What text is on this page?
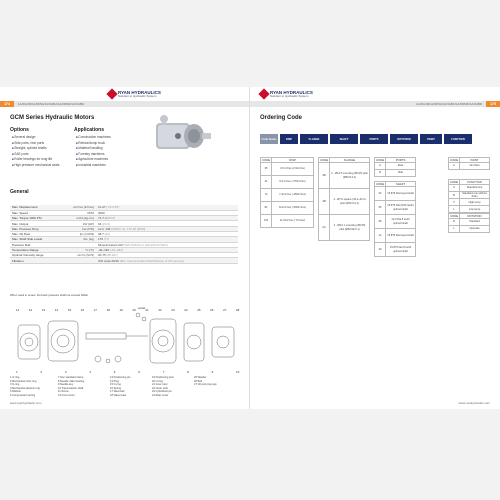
RYAN HYDRAULICS
Solution to Hydraulic System
174	1A/4GCM/1A/3F5A/1A/3ABU/1A/3DMD/1A/3ABD
GCM Series Hydraulic Motors
Options
■ Several design
■ Side ports, rear ports
■ Straight, splined shafts
■ SAE ports
■ Roller bearings for long life
■ High pressure mechanical seals
Applications
■ Construction machines
■ Refuse/dump truck
■ Material handling
■ Forestry machines
■ Agriculture machines
■ Industrial machines
General
Max. Displacement	cm³/rev [in³/rev]	11-47 [.70-2.87]
Max. Speed	RPM	3000
Max. Torque 1000 PSI	in-lbs [kg-cm]	71-7.4 [83-5]
Max. Output	kW [HP]	64 [20.3]
Max. Pressure Drop	bar [PSI]	cont. 138 [2000] / int. 172.36 [2500]
Max. Oil Flow	lpm [GPM]	38.7 [10]
Max. Shaft Side Loads	lbs. [kg]	170 [77]
Pressure fluid		Mineral based HLP (DIN 51524) or HM (ISO 6743/4)
Temperature Range	°C [°F]	-40~140 [-40~284]
Optimal Viscosity range	mm²/s [SUS]	20-75 [98-347]
Filtration		ISO code 20/16 (Min. recommended fluid filtration of 25 microns)
When used in series, the back pressure shall not exceed 40bar
11	12	13	14	15	16	17	18	19	20	21	22	23	24	25	26	27	28
1	2	3	4	5	6	7	8	9	10
outlet
1 O-ring
2 Mechanical rotor ring
3 O-ring
4 Mechanical plasmic ring
5 Washer
6 Compression spring
7 Non standard clamp
8 Needle roller bearing
9 Needle key
10 Transmission shaft
11 Screw
12 Front cover
13 Positioning pin
14 Plug
15 O-ring
16 Spring
17 Steel ball
18 Valve base
19 Positioning pins
20 O-ring
21 Inner rotor
22 Outer rotor
23 Cylindrical pin
24 Rear cover
25 Washer
26 Bolt
27 Oil port plug cap
www.ryanhydraulic.com
RYAN HYDRAULICS
Solution to Hydraulic System
1A/4GCM/1A/3F5A/1A/3ABU/1A/3DMD/1A/3ABD	175
Ordering Code
Code Series	DISP	FLANGE	SHAFT	PORTS	ROTATION	PAINT	FUNCTION
CODE	DISP
35	3.5 in³/rev (2.9in³/rev)
41	6.0 in³/rev (.373in³/rev)
74	7.4cm³/rev (.456in³/rev)
82	8.2cm³/rev (.500in³/rev)
115	11.5cm³/rev (.7in³/rev)
CODE	FLANGE
AB	2 - Ø12.5 mounting (80.65) pilot (Ø50.8-0.1)
AB	4 - Ø7.0 square (43.4~43.4) pilot (Ø40.0-0.1)
AC	2 - Ø9.0 x mounting (80.65) pilot (Ø62.99-0.1)
CODE	PORTS
A	Rear
B	Side
CODE	SHAFT
02	15.875 Dia keyed shaft
05	15.875 Dia (9/16 teeth) splined shaft
08	12.0 Dia 8 tooth splined shaft
12	15.875 Dia keyed shaft
30	15.875 Dia 8 tooth splined shaft
CODE	PAINT
A	No Paint
CODE	FUNCTION
A	Standard one
B	Standard one without drain
V	High temp
L	Low temp
CODE	ROTATION
R	Standard
L	Opposite
www.ryanhydraulic.com
